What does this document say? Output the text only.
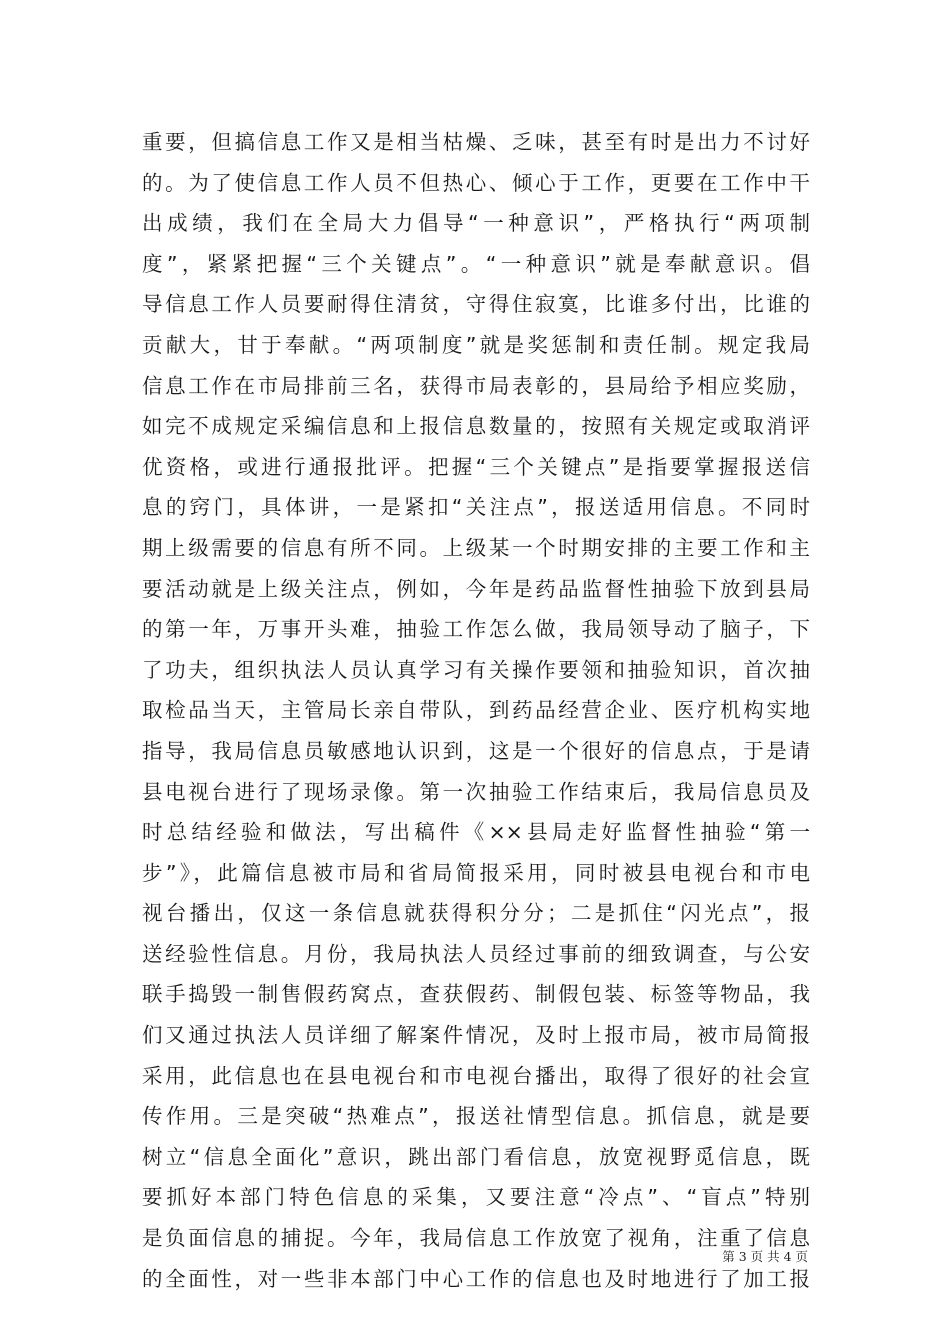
重要，但搞信息工作又是相当枯燥、乏味，甚至有时是出力不讨好
的。为了使信息工作人员不但热心、倾心于工作，更要在工作中干
出成绩，我们在全局大力倡导“一种意识”，严格执行“两项制
度”，紧紧把握“三个关键点”。“一种意识”就是奉献意识。倡
导信息工作人员要耐得住清贫，守得住寂寞，比谁多付出，比谁的
贡献大，甘于奉献。“两项制度”就是奖惩制和责任制。规定我局
信息工作在市局排前三名，获得市局表彰的，县局给予相应奖励，
如完不成规定采编信息和上报信息数量的，按照有关规定或取消评
优资格，或进行通报批评。把握“三个关键点”是指要掌握报送信
息的窍门，具体讲，一是紧扣“关注点”，报送适用信息。不同时
期上级需要的信息有所不同。上级某一个时期安排的主要工作和主
要活动就是上级关注点，例如，今年是药品监督性抽验下放到县局
的第一年，万事开头难，抽验工作怎么做，我局领导动了脑子，下
了功夫，组织执法人员认真学习有关操作要领和抽验知识，首次抽
取检品当天，主管局长亲自带队，到药品经营企业、医疗机构实地
指导，我局信息员敏感地认识到，这是一个很好的信息点，于是请
县电视台进行了现场录像。第一次抽验工作结束后，我局信息员及
时总结经验和做法，写出稿件《××县局走好监督性抽验“第一
步”》，此篇信息被市局和省局简报采用，同时被县电视台和市电
视台播出，仅这一条信息就获得积分分；二是抓住“闪光点”，报
送经验性信息。月份，我局执法人员经过事前的细致调查，与公安
联手捣毁一制售假药窝点，查获假药、制假包装、标签等物品，我
们又通过执法人员详细了解案件情况，及时上报市局，被市局简报
采用，此信息也在县电视台和市电视台播出，取得了很好的社会宣
传作用。三是突破“热难点”，报送社情型信息。抓信息，就是要
树立“信息全面化”意识，跳出部门看信息，放宽视野觅信息，既
要抓好本部门特色信息的采集，又要注意“冷点”、“盲点”特别
是负面信息的捕捉。今年，我局信息工作放宽了视角，注重了信息
的全面性，对一些非本部门中心工作的信息也及时地进行了加工报
第 3 页 共 4 页
